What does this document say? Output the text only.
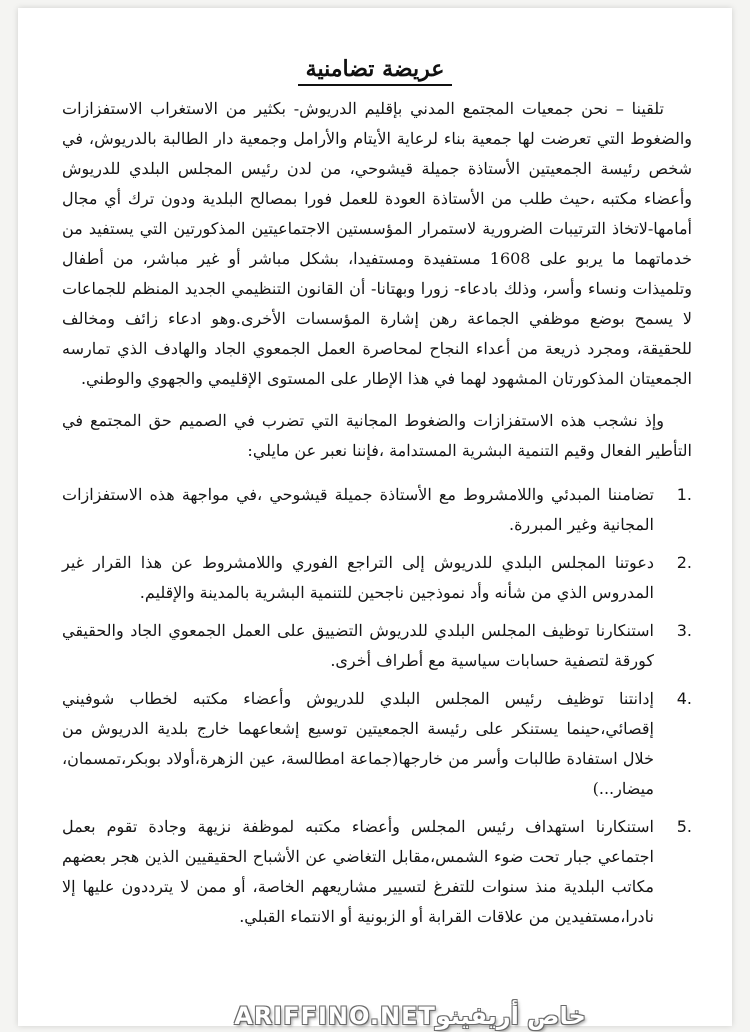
عريضة تضامنية

تلقينا – نحن جمعيات المجتمع المدني بإقليم الدريوش- بكثير من الاستغراب الاستفزازات والضغوط التي تعرضت لها جمعية بناء لرعاية الأيتام والأرامل وجمعية دار الطالبة بالدريوش، في شخص رئيسة الجمعيتين الأستاذة جميلة قيشوحي، من لدن رئيس المجلس البلدي للدريوش وأعضاء مكتبه ،حيث طلب من الأستاذة العودة للعمل فورا بمصالح البلدية ودون ترك أي مجال أمامها-لاتخاذ الترتيبات الضرورية لاستمرار المؤسستين الاجتماعيتين المذكورتين التي يستفيد من خدماتهما ما يربو على 1608 مستفيدة ومستفيدا، بشكل مباشر أو غير مباشر، من أطفال وتلميذات ونساء وأسر، وذلك بادعاء- زورا وبهتانا- أن القانون التنظيمي الجديد المنظم للجماعات لا يسمح بوضع موظفي الجماعة رهن إشارة المؤسسات الأخرى.وهو ادعاء زائف ومخالف للحقيقة، ومجرد ذريعة من أعداء النجاح لمحاصرة العمل الجمعوي الجاد والهادف الذي تمارسه الجمعيتان المذكورتان المشهود لهما في هذا الإطار على المستوى الإقليمي والجهوي والوطني.

وإذ نشجب هذه الاستفزازات والضغوط المجانية التي تضرب في الصميم حق المجتمع في التأطير الفعال وقيم التنمية البشرية المستدامة ،فإننا نعبر عن مايلي:

1.
تضامننا المبدئي واللامشروط مع الأستاذة جميلة قيشوحي ،في مواجهة هذه الاستفزازات المجانية وغير المبررة.
2.
دعوتنا المجلس البلدي للدريوش إلى التراجع الفوري واللامشروط عن هذا القرار غير المدروس الذي من شأنه وأد نموذجين ناجحين للتنمية البشرية بالمدينة والإقليم.
3.
استنكارنا توظيف المجلس البلدي للدريوش التضييق على العمل الجمعوي الجاد والحقيقي كورقة لتصفية حسابات سياسية مع أطراف أخرى.
4.
إدانتنا توظيف رئيس المجلس البلدي للدريوش وأعضاء مكتبه لخطاب شوفيني إقصائي،حينما يستنكر على رئيسة الجمعيتين توسيع إشعاعهما خارج بلدية الدريوش من خلال استفادة طالبات وأسر من خارجها(جماعة امطالسة، عين الزهرة،أولاد بوبكر،تمسمان، ميضار...)
5.
استنكارنا استهداف رئيس المجلس وأعضاء مكتبه لموظفة نزيهة وجادة تقوم بعمل اجتماعي جبار تحت ضوء الشمس،مقابل التغاضي عن الأشباح الحقيقيين الذين هجر بعضهم مكاتب البلدية منذ سنوات للتفرغ لتسيير مشاريعهم الخاصة، أو ممن لا يترددون عليها إلا نادرا،مستفيدين من علاقات القرابة أو الزبونية أو الانتماء القبلي.
ARIFFINO.NETخاص أريفينو
